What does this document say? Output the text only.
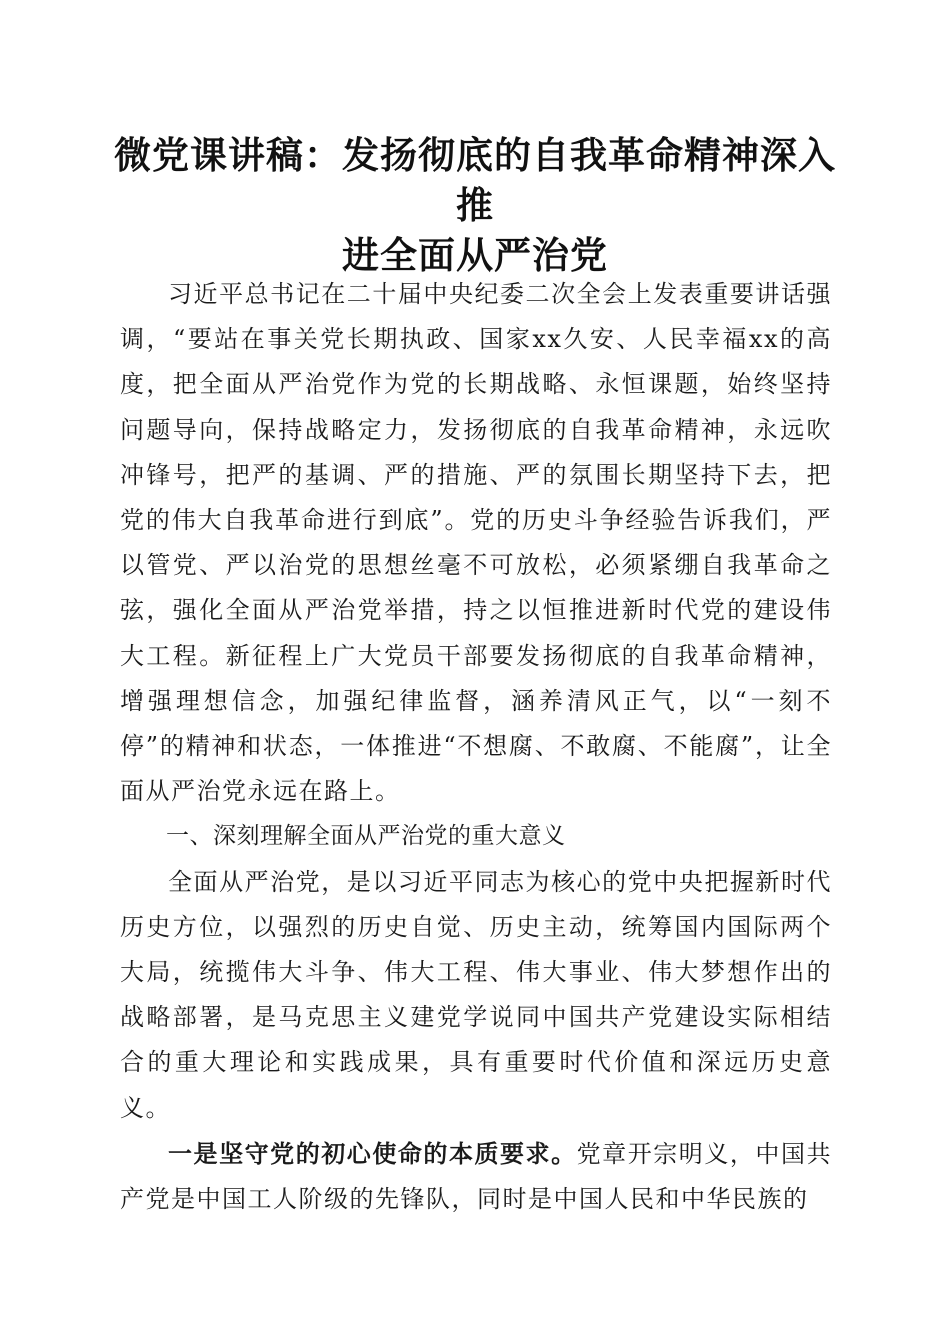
微党课讲稿：发扬彻底的自我革命精神深入推
进全面从严治党

习近平总书记在二十届中央纪委二次全会上发表重要讲话强调，“要站在事关党长期执政、国家xx久安、人民幸福xx的高度，把全面从严治党作为党的长期战略、永恒课题，始终坚持问题导向，保持战略定力，发扬彻底的自我革命精神，永远吹冲锋号，把严的基调、严的措施、严的氛围长期坚持下去，把党的伟大自我革命进行到底”。党的历史斗争经验告诉我们，严以管党、严以治党的思想丝毫不可放松，必须紧绷自我革命之弦，强化全面从严治党举措，持之以恒推进新时代党的建设伟大工程。新征程上广大党员干部要发扬彻底的自我革命精神，增强理想信念，加强纪律监督，涵养清风正气，以“一刻不停”的精神和状态，一体推进“不想腐、不敢腐、不能腐”，让全面从严治党永远在路上。

一、深刻理解全面从严治党的重大意义

全面从严治党，是以习近平同志为核心的党中央把握新时代历史方位，以强烈的历史自觉、历史主动，统筹国内国际两个大局，统揽伟大斗争、伟大工程、伟大事业、伟大梦想作出的战略部署，是马克思主义建党学说同中国共产党建设实际相结合的重大理论和实践成果，具有重要时代价值和深远历史意义。

一是坚守党的初心使命的本质要求。党章开宗明义，中国共产党是中国工人阶级的先锋队，同时是中国人民和中华民族的
